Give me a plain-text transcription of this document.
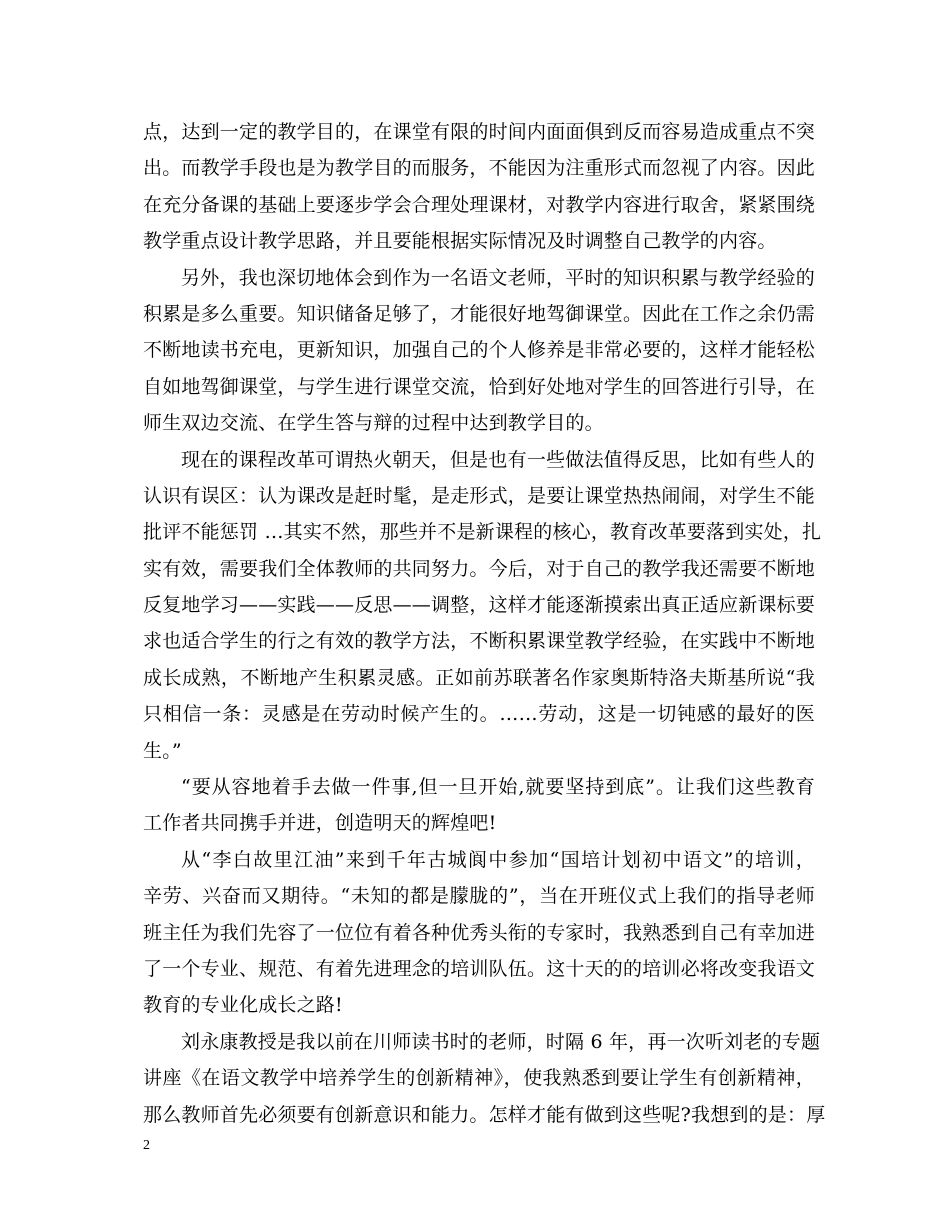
点，达到一定的教学目的，在课堂有限的时间内面面俱到反而容易造成重点不突
出。而教学手段也是为教学目的而服务，不能因为注重形式而忽视了内容。因此
在充分备课的基础上要逐步学会合理处理课材，对教学内容进行取舍，紧紧围绕
教学重点设计教学思路，并且要能根据实际情况及时调整自己教学的内容。
另外，我也深切地体会到作为一名语文老师，平时的知识积累与教学经验的
积累是多么重要。知识储备足够了，才能很好地驾御课堂。因此在工作之余仍需
不断地读书充电，更新知识，加强自己的个人修养是非常必要的，这样才能轻松
自如地驾御课堂，与学生进行课堂交流，恰到好处地对学生的回答进行引导，在
师生双边交流、在学生答与辩的过程中达到教学目的。
现在的课程改革可谓热火朝天，但是也有一些做法值得反思，比如有些人的
认识有误区：认为课改是赶时髦，是走形式，是要让课堂热热闹闹，对学生不能
批评不能惩罚 …其实不然，那些并不是新课程的核心，教育改革要落到实处，扎
实有效，需要我们全体教师的共同努力。今后，对于自己的教学我还需要不断地
反复地学习——实践——反思——调整，这样才能逐渐摸索出真正适应新课标要
求也适合学生的行之有效的教学方法，不断积累课堂教学经验，在实践中不断地
成长成熟，不断地产生积累灵感。正如前苏联著名作家奥斯特洛夫斯基所说“我
只相信一条：灵感是在劳动时候产生的。……劳动，这是一切钝感的最好的医
生。”
“要从容地着手去做一件事,但一旦开始,就要坚持到底”。让我们这些教育
工作者共同携手并进，创造明天的辉煌吧!
从“李白故里江油”来到千年古城阆中参加“国培计划初中语文”的培训，
辛劳、兴奋而又期待。“未知的都是朦胧的”，当在开班仪式上我们的指导老师
班主任为我们先容了一位位有着各种优秀头衔的专家时，我熟悉到自己有幸加进
了一个专业、规范、有着先进理念的培训队伍。这十天的的培训必将改变我语文
教育的专业化成长之路!
刘永康教授是我以前在川师读书时的老师，时隔 6 年，再一次听刘老的专题
讲座《在语文教学中培养学生的创新精神》，使我熟悉到要让学生有创新精神，
那么教师首先必须要有创新意识和能力。怎样才能有做到这些呢?我想到的是：厚
2
